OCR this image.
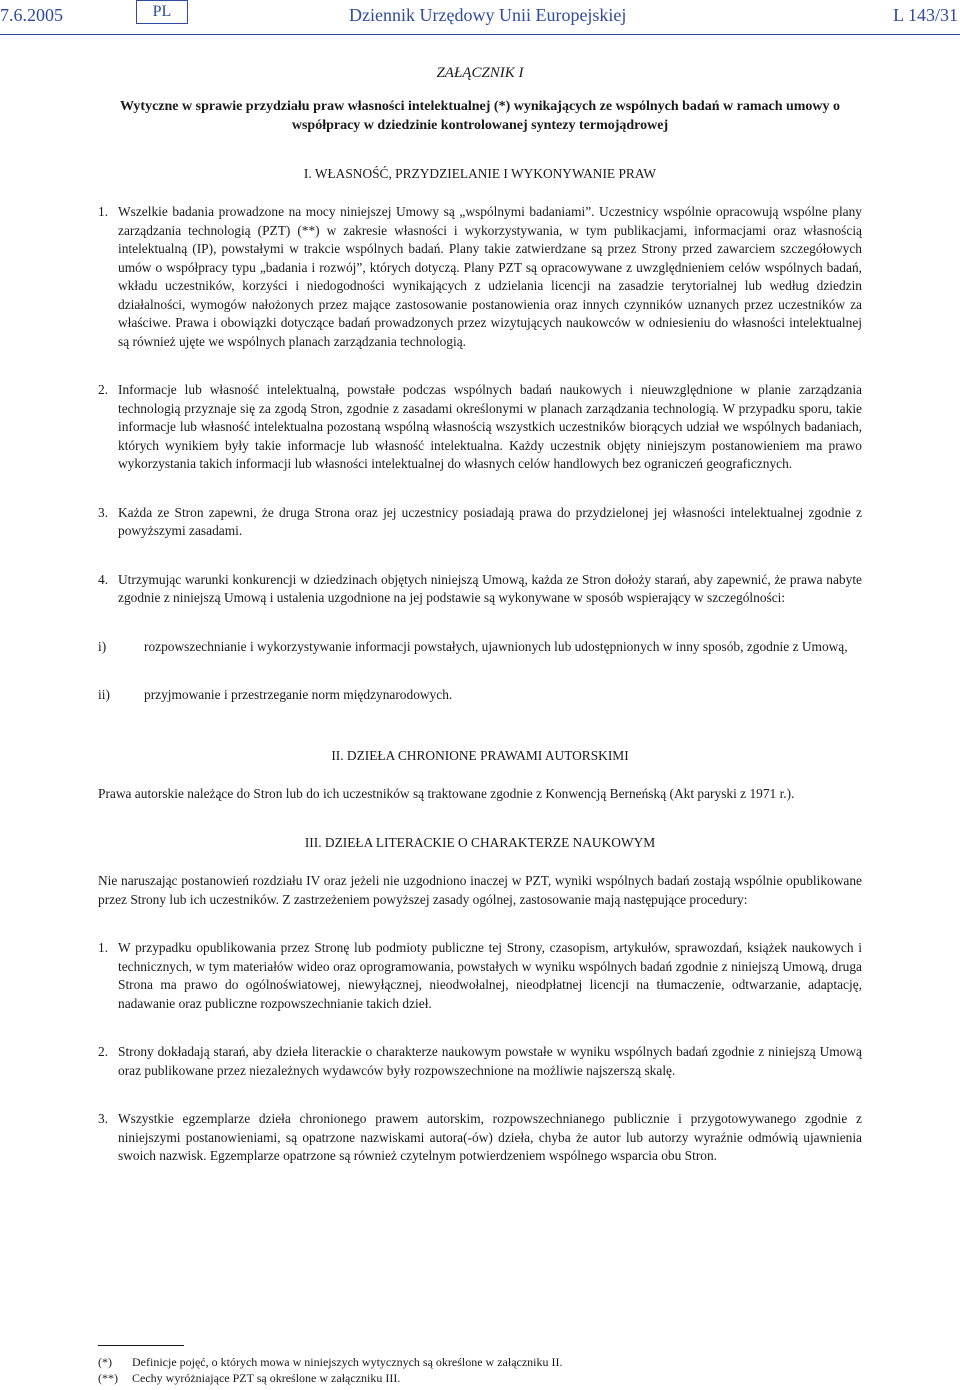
7.6.2005	PL	Dziennik Urzędowy Unii Europejskiej	L 143/31
ZAŁĄCZNIK I
Wytyczne w sprawie przydziału praw własności intelektualnej (*) wynikających ze wspólnych badań w ramach umowy o współpracy w dziedzinie kontrolowanej syntezy termojądrowej
I. WŁASNOŚĆ, PRZYDZIELANIE I WYKONYWANIE PRAW
1. Wszelkie badania prowadzone na mocy niniejszej Umowy są „wspólnymi badaniami”. Uczestnicy wspólnie opracowują wspólne plany zarządzania technologią (PZT) (**) w zakresie własności i wykorzystywania, w tym publikacjami, informacjami oraz własnością intelektualną (IP), powstałymi w trakcie wspólnych badań. Plany takie zatwierdzane są przez Strony przed zawarciem szczegółowych umów o współpracy typu „badania i rozwój”, których dotyczą. Plany PZT są opracowywane z uwzględnieniem celów wspólnych badań, wkładu uczestników, korzyści i niedogodności wynikających z udzielania licencji na zasadzie terytorialnej lub według dziedzin działalności, wymogów nałożonych przez mające zastosowanie postanowienia oraz innych czynników uznanych przez uczestników za właściwe. Prawa i obowiązki dotyczące badań prowadzonych przez wizytujących naukowców w odniesieniu do własności intelektualnej są również ujęte we wspólnych planach zarządzania technologią.
2. Informacje lub własność intelektualną, powstałe podczas wspólnych badań naukowych i nieuwzględnione w planie zarządzania technologią przyznaje się za zgodą Stron, zgodnie z zasadami określonymi w planach zarządzania technologią. W przypadku sporu, takie informacje lub własność intelektualna pozostaną wspólną własnością wszystkich uczestników biorących udział we wspólnych badaniach, których wynikiem były takie informacje lub własność intelektualna. Każdy uczestnik objęty niniejszym postanowieniem ma prawo wykorzystania takich informacji lub własności intelektualnej do własnych celów handlowych bez ograniczeń geograficznych.
3. Każda ze Stron zapewni, że druga Strona oraz jej uczestnicy posiadają prawa do przydzielonej jej własności intelektualnej zgodnie z powyższymi zasadami.
4. Utrzymując warunki konkurencji w dziedzinach objętych niniejszą Umową, każda ze Stron dołoży starań, aby zapewnić, że prawa nabyte zgodnie z niniejszą Umową i ustalenia uzgodnione na jej podstawie są wykonywane w sposób wspierający w szczególności:
i)	rozpowszechnianie i wykorzystywanie informacji powstałych, ujawnionych lub udostępnionych w inny sposób, zgodnie z Umową,
ii)	przyjmowanie i przestrzeganie norm międzynarodowych.
II. DZIEŁA CHRONIONE PRAWAMI AUTORSKIMI
Prawa autorskie należące do Stron lub do ich uczestników są traktowane zgodnie z Konwencją Berneńską (Akt paryski z 1971 r.).
III. DZIEŁA LITERACKIE O CHARAKTERZE NAUKOWYM
Nie naruszając postanowień rozdziału IV oraz jeżeli nie uzgodniono inaczej w PZT, wyniki wspólnych badań zostają wspólnie opublikowane przez Strony lub ich uczestników. Z zastrzeżeniem powyższej zasady ogólnej, zastosowanie mają następujące procedury:
1. W przypadku opublikowania przez Stronę lub podmioty publiczne tej Strony, czasopism, artykułów, sprawozdań, książek naukowych i technicznych, w tym materiałów wideo oraz oprogramowania, powstałych w wyniku wspólnych badań zgodnie z niniejszą Umową, druga Strona ma prawo do ogólnoświatowej, niewyłącznej, nieodwołalnej, nieodpłatnej licencji na tłumaczenie, odtwarzanie, adaptację, nadawanie oraz publiczne rozpowszechnianie takich dzieł.
2. Strony dokładają starań, aby dzieła literackie o charakterze naukowym powstałe w wyniku wspólnych badań zgodnie z niniejszą Umową oraz publikowane przez niezależnych wydawców były rozpowszechnione na możliwie najszerszą skalę.
3. Wszystkie egzemplarze dzieła chronionego prawem autorskim, rozpowszechnianego publicznie i przygotowywanego zgodnie z niniejszymi postanowieniami, są opatrzone nazwiskami autora(-ów) dzieła, chyba że autor lub autorzy wyraźnie odmówią ujawnienia swoich nazwisk. Egzemplarze opatrzone są również czytelnym potwierdzeniem wspólnego wsparcia obu Stron.
(*)	Definicje pojęć, o których mowa w niniejszych wytycznych są określone w załączniku II.
(**)	Cechy wyróżniające PZT są określone w załączniku III.
